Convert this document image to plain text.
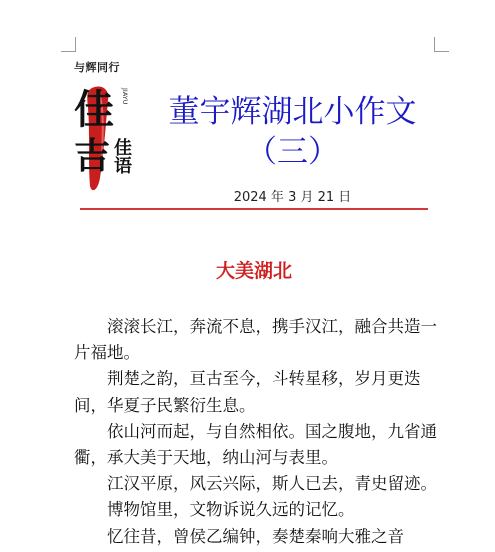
与辉同行
佳
吉 佳语
JIAYU	董宇辉湖北小作文
（三）
2024 年 3 月 21 日
大美湖北

滚滚长江，奔流不息，携手汉江，融合共造一片福地。

荆楚之韵，亘古至今，斗转星移，岁月更迭间，华夏子民繁衍生息。

依山河而起，与自然相依。国之腹地，九省通衢，承大美于天地，纳山河与表里。

江汉平原，风云兴际，斯人已去，青史留迹。

博物馆里，文物诉说久远的记忆。

忆往昔，曾侯乙编钟，奏楚秦响大雅之音
